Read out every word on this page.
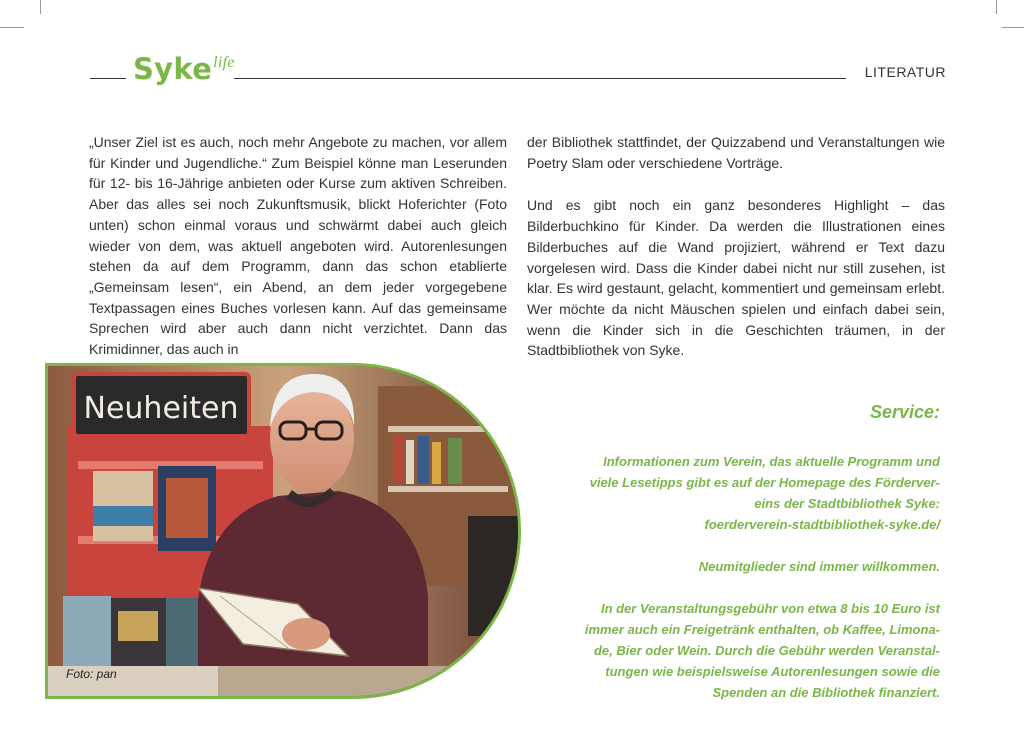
Syke$^{life}$
LITERATUR

„Unser Ziel ist es auch, noch mehr Angebote zu machen, vor allem für Kinder und Jugendliche.“ Zum Beispiel könne man Leserunden für 12- bis 16-Jährige anbieten oder Kurse zum aktiven Schreiben. Aber das alles sei noch Zukunftsmusik, blickt Hoferichter (Foto unten) schon einmal voraus und schwärmt dabei auch gleich wieder von dem, was aktuell angeboten wird. Autorenlesungen stehen da auf dem Programm, dann das schon etablierte „Gemeinsam lesen“, ein Abend, an dem jeder vorgegebene Textpassagen eines Buches vorlesen kann. Auf das gemeinsame Sprechen wird aber auch dann nicht verzichtet. Dann das Krimidinner, das auch in

der Bibliothek stattfindet, der Quizzabend und Veranstaltungen wie Poetry Slam oder verschiedene Vorträge.

Und es gibt noch ein ganz besonderes Highlight – das Bilderbuchkino für Kinder. Da werden die Illustrationen eines Bilderbuches auf die Wand projiziert, während er Text dazu vorgelesen wird. Dass die Kinder dabei nicht nur still zusehen, ist klar. Es wird gestaunt, gelacht, kommentiert und gemeinsam erlebt. Wer möchte da nicht Mäuschen spielen und einfach dabei sein, wenn die Kinder sich in die Geschichten träumen, in der Stadtbibliothek von Syke.

Neuheiten
Foto: pan
Service:

Informationen zum Verein, das aktuelle Programm und

viele Lesetipps gibt es auf der Homepage des Förderver-

eins der Stadtbibliothek Syke:

foerderverein-stadtbibliothek-syke.de/

Neumitglieder sind immer willkommen.

In der Veranstaltungsgebühr von etwa 8 bis 10 Euro ist

immer auch ein Freigetränk enthalten, ob Kaffee, Limona-

de, Bier oder Wein. Durch die Gebühr werden Veranstal-

tungen wie beispielsweise Autorenlesungen sowie die

Spenden an die Bibliothek finanziert.
